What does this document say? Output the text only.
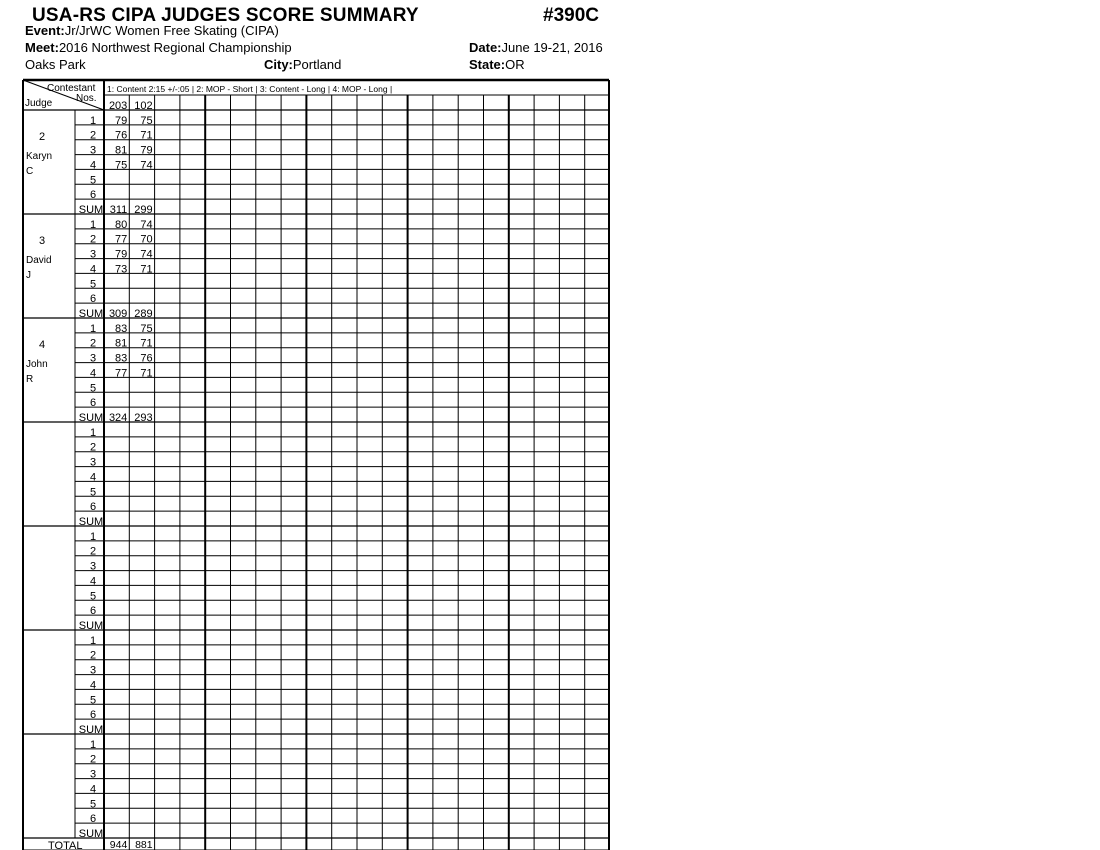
USA-RS CIPA JUDGES SCORE SUMMARY	#390C
Event:Jr/JrWC Women Free Skating (CIPA)
Meet:2016 Northwest Regional Championship	Date:June 19-21, 2016
Oaks Park	City:Portland	State:OR
Contestant
Nos.
Judge
1: Content 2:15 +/-:05 | 2: MOP - Short | 3: Content - Long | 4: MOP - Long |
203 102
2
Karyn
C
1 79 75
2 76 71
3 81 79
4 75 74
5
6
SUM 311 299
3
David
J
1 80 74
2 77 70
3 79 74
4 73 71
5
6
SUM 309 289
4
John
R
1 83 75
2 81 71
3 83 76
4 77 71
5
6
SUM 324 293
1
2
3
4
5
6
SUM
1
2
3
4
5
6
SUM
1
2
3
4
5
6
SUM
1
2
3
4
5
6
SUM
TOTAL	944 881
